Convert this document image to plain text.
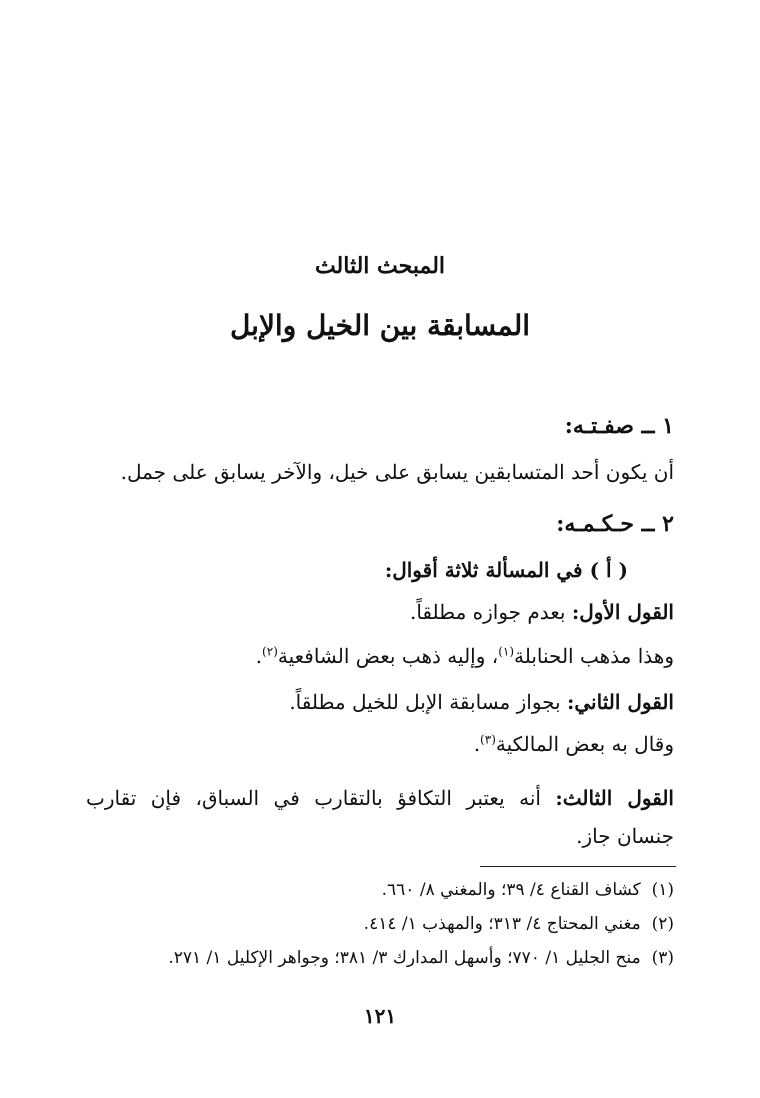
المبحث الثالث
المسابقة بين الخيل والإبل
١ ــ صفـتـه:
أن يكون أحد المتسابقين يسابق على خيل، والآخر يسابق على جمل.
٢ ــ حـكـمـه:
( أ ) في المسألة ثلاثة أقوال:
القول الأول: بعدم جوازه مطلقاً.
وهذا مذهب الحنابلة$^{(١)}$، وإليه ذهب بعض الشافعية$^{(٢)}$.
القول الثاني: بجواز مسابقة الإبل للخيل مطلقاً.
وقال به بعض المالكية$^{(٣)}$.
القول الثالث: أنه يعتبر التكافؤ بالتقارب في السباق، فإن تقارب
جنسان جاز.
(١)  كشاف القناع ٤/ ٣٩؛ والمغني ٨/ ٦٦٠.
(٢)  مغني المحتاج ٤/ ٣١٣؛ والمهذب ١/ ٤١٤.
(٣)  منح الجليل ١/ ٧٧٠؛ وأسهل المدارك ٣/ ٣٨١؛ وجواهر الإكليل ١/ ٢٧١.
١٢١
